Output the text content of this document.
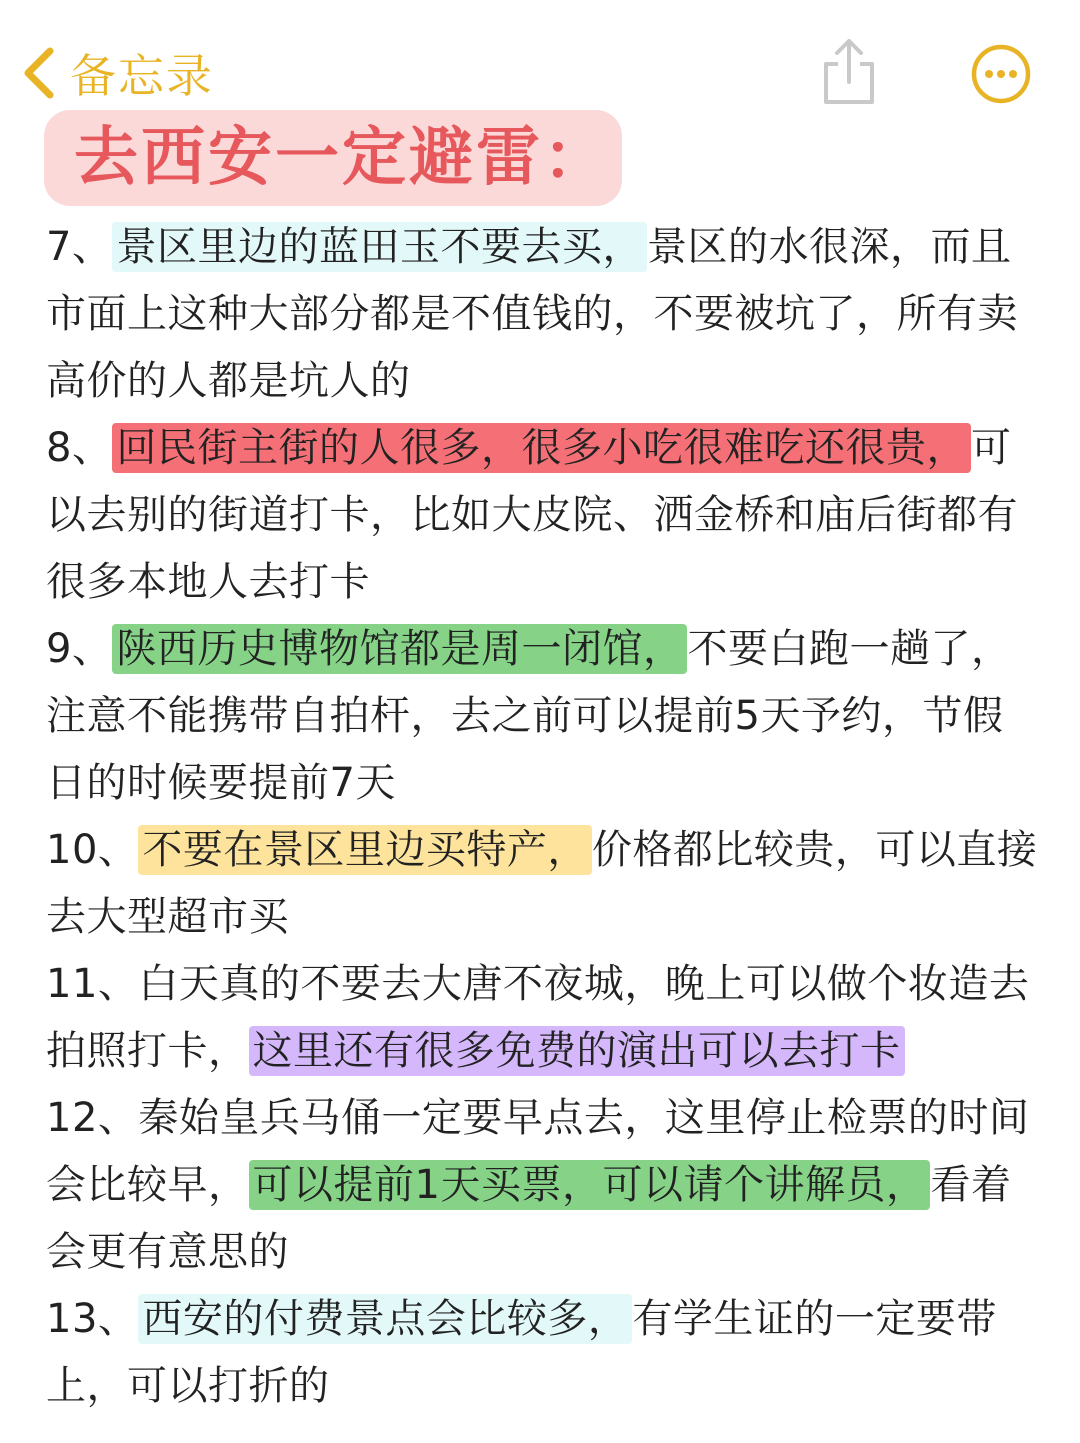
备忘录
去西安一定避雷：
7、 景区里边的蓝田玉不要去买， 景区的水很深，而且
市面上这种大部分都是不值钱的，不要被坑了，所有卖
高价的人都是坑人的
8、 回民街主街的人很多，很多小吃很难吃还很贵， 可
以去别的街道打卡，比如大皮院、洒金桥和庙后街都有
很多本地人去打卡
9、 陕西历史博物馆都是周一闭馆， 不要白跑一趟了，
注意不能携带自拍杆，去之前可以提前5天予约，节假
日的时候要提前7天
10、 不要在景区里边买特产， 价格都比较贵，可以直接
去大型超市买
11、白天真的不要去大唐不夜城，晚上可以做个妆造去
拍照打卡， 这里还有很多免费的演出可以去打卡
12、秦始皇兵马俑一定要早点去，这里停止检票的时间
会比较早， 可以提前1天买票，可以请个讲解员， 看着
会更有意思的
13、 西安的付费景点会比较多， 有学生证的一定要带
上，可以打折的
